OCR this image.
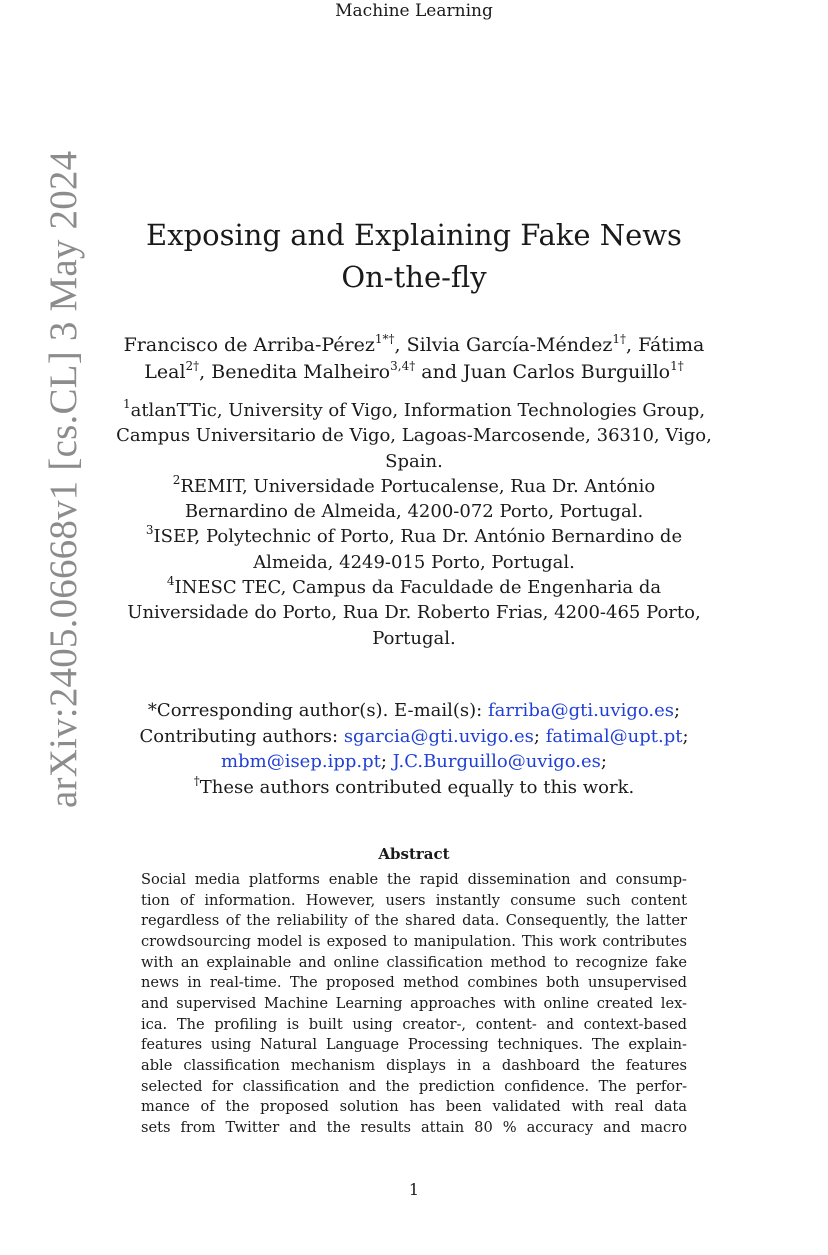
Machine Learning
arXiv:2405.06668v1 [cs.CL] 3 May 2024	Exposing and Explaining Fake News
On-the-fly
Francisco de Arriba-Pérez$^{1*\dagger}$, Silvia García-Méndez$^{1\dagger}$, Fátima
Leal$^{2\dagger}$, Benedita Malheiro$^{3,4\dagger}$ and Juan Carlos Burguillo$^{1\dagger}$
$^1$atlanTTic, University of Vigo, Information Technologies Group,
Campus Universitario de Vigo, Lagoas-Marcosende, 36310, Vigo,
Spain.
$^2$REMIT, Universidade Portucalense, Rua Dr. António
Bernardino de Almeida, 4200-072 Porto, Portugal.
$^3$ISEP, Polytechnic of Porto, Rua Dr. António Bernardino de
Almeida, 4249-015 Porto, Portugal.
$^4$INESC TEC, Campus da Faculdade de Engenharia da
Universidade do Porto, Rua Dr. Roberto Frias, 4200-465 Porto,
Portugal.
*Corresponding author(s). E-mail(s): farriba@gti.uvigo.es;
Contributing authors: sgarcia@gti.uvigo.es; fatimal@upt.pt;
mbm@isep.ipp.pt; J.C.Burguillo@uvigo.es;
†These authors contributed equally to this work.
Abstract
Social media platforms enable the rapid dissemination and consump-
tion of information. However, users instantly consume such content
regardless of the reliability of the shared data. Consequently, the latter
crowdsourcing model is exposed to manipulation. This work contributes
with an explainable and online classification method to recognize fake
news in real-time. The proposed method combines both unsupervised
and supervised Machine Learning approaches with online created lex-
ica. The profiling is built using creator-, content- and context-based
features using Natural Language Processing techniques. The explain-
able classification mechanism displays in a dashboard the features
selected for classification and the prediction confidence. The perfor-
mance of the proposed solution has been validated with real data
sets from Twitter and the results attain 80 % accuracy and macro
1
